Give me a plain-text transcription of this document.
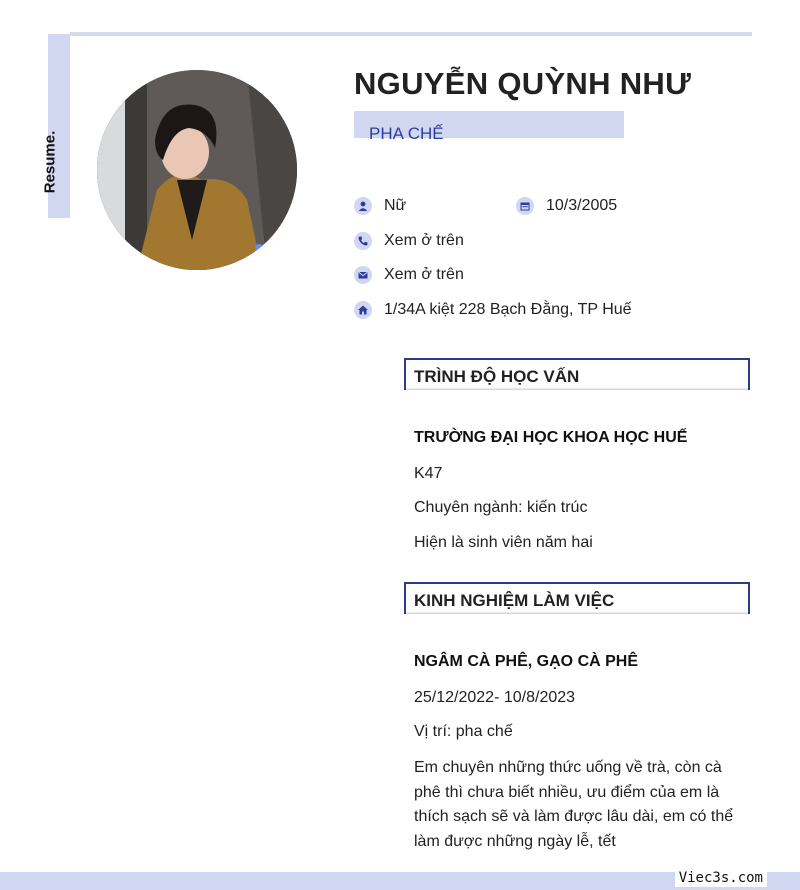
Resume.
NGUYỄN QUỲNH NHƯ
PHA CHẾ
Nữ	10/3/2005
Xem ở trên
Xem ở trên
1/34A kiệt 228 Bạch Đằng, TP Huế
TRÌNH ĐỘ HỌC VẤN
TRƯỜNG ĐẠI HỌC KHOA HỌC HUẾ
K47
Chuyên ngành: kiến trúc
Hiện là sinh viên năm hai
KINH NGHIỆM LÀM VIỆC
NGÂM CÀ PHÊ, GẠO CÀ PHÊ
25/12/2022- 10/8/2023
Vị trí: pha chế
Em chuyên những thức uống về trà, còn cà phê thì chưa biết nhiều, ưu điểm của em là thích sạch sẽ và làm được lâu dài, em có thể làm được những ngày lễ, tết
Viec3s.com
